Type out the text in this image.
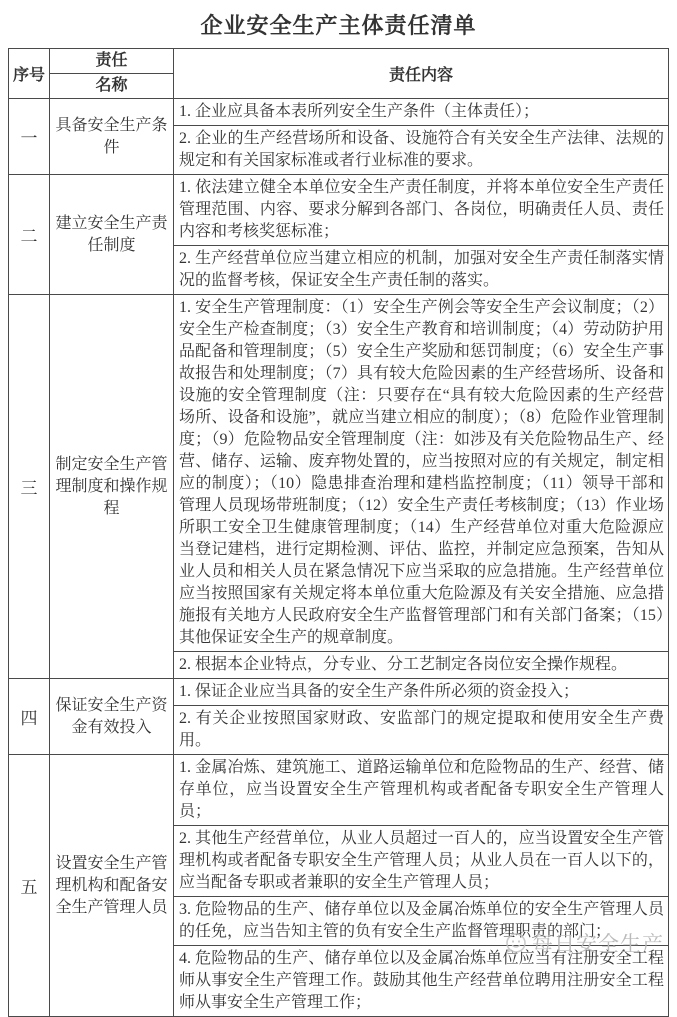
企业安全生产主体责任清单
序号
责任
名称
责任内容
一
具备安全生产条件
1. 企业应具备本表所列安全生产条件（主体责任）；
2. 企业的生产经营场所和设备、设施符合有关安全生产法律、法规的规定和有关国家标准或者行业标准的要求。
二
建立安全生产责任制度
1. 依法建立健全本单位安全生产责任制度，并将本单位安全生产责任管理范围、内容、要求分解到各部门、各岗位，明确责任人员、责任内容和考核奖惩标准；
2. 生产经营单位应当建立相应的机制，加强对安全生产责任制落实情况的监督考核，保证安全生产责任制的落实。
三
制定安全生产管理制度和操作规程
1. 安全生产管理制度：（1）安全生产例会等安全生产会议制度；（2）安全生产检查制度；（3）安全生产教育和培训制度；（4）劳动防护用品配备和管理制度；（5）安全生产奖励和惩罚制度；（6）安全生产事故报告和处理制度；（7）具有较大危险因素的生产经营场所、设备和设施的安全管理制度（注：只要存在“具有较大危险因素的生产经营场所、设备和设施”，就应当建立相应的制度）；（8）危险作业管理制度；（9）危险物品安全管理制度（注：如涉及有关危险物品生产、经营、储存、运输、废弃物处置的，应当按照对应的有关规定，制定相应的制度）；（10）隐患排查治理和建档监控制度；（11）领导干部和管理人员现场带班制度；（12）安全生产责任考核制度；（13）作业场所职工安全卫生健康管理制度；（14）生产经营单位对重大危险源应当登记建档，进行定期检测、评估、监控，并制定应急预案，告知从业人员和相关人员在紧急情况下应当采取的应急措施。生产经营单位应当按照国家有关规定将本单位重大危险源及有关安全措施、应急措施报有关地方人民政府安全生产监督管理部门和有关部门备案；（15）其他保证安全生产的规章制度。
2. 根据本企业特点，分专业、分工艺制定各岗位安全操作规程。
四
保证安全生产资金有效投入
1. 保证企业应当具备的安全生产条件所必须的资金投入；
2. 有关企业按照国家财政、安监部门的规定提取和使用安全生产费用。
五
设置安全生产管理机构和配备安全生产管理人员
1. 金属冶炼、建筑施工、道路运输单位和危险物品的生产、经营、储存单位，应当设置安全生产管理机构或者配备专职安全生产管理人员；
2. 其他生产经营单位，从业人员超过一百人的，应当设置安全生产管理机构或者配备专职安全生产管理人员；从业人员在一百人以下的，应当配备专职或者兼职的安全生产管理人员；
3. 危险物品的生产、储存单位以及金属冶炼单位的安全生产管理人员的任免，应当告知主管的负有安全生产监督管理职责的部门；
4. 危险物品的生产、储存单位以及金属冶炼单位应当有注册安全工程师从事安全生产管理工作。鼓励其他生产经营单位聘用注册安全工程师从事安全生产管理工作；
每日安全生产
